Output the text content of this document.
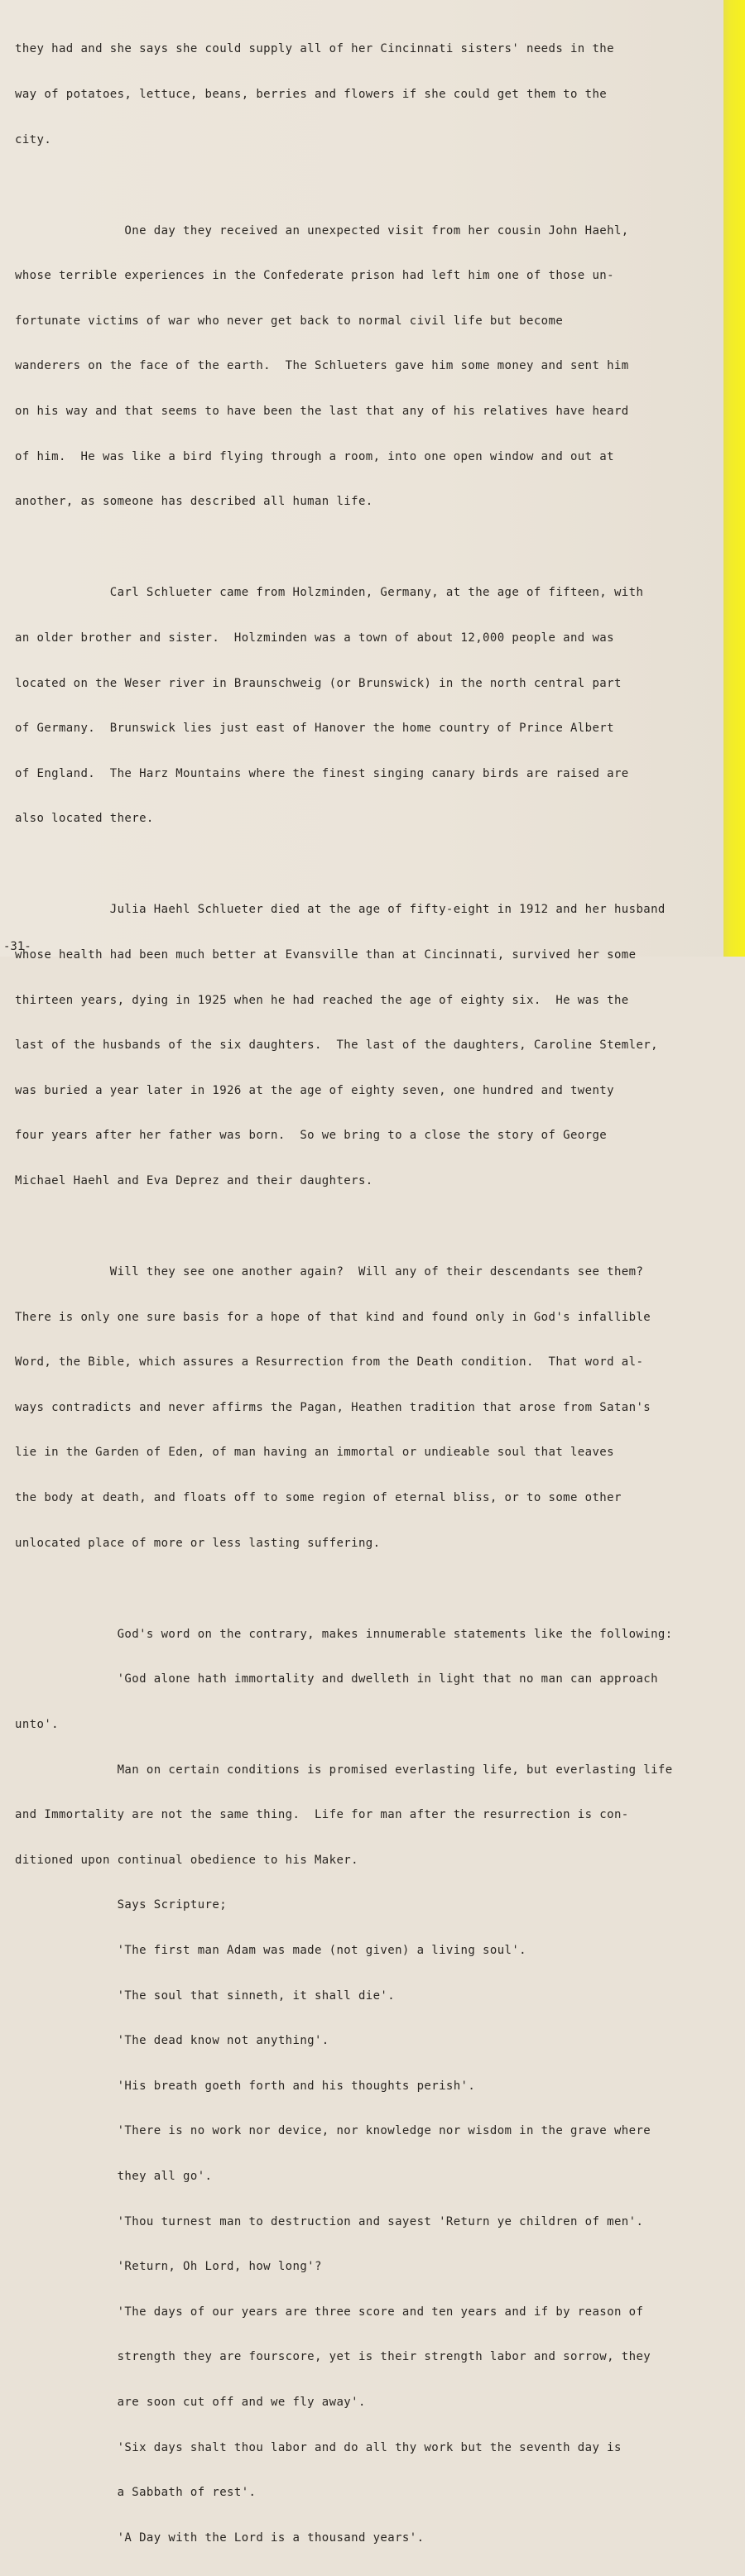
they had and she says she could supply all of her Cincinnati sisters' needs in the

way of potatoes, lettuce, beans, berries and flowers if she could get them to the

city.

One day they received an unexpected visit from her cousin John Haehl,

whose terrible experiences in the Confederate prison had left him one of those un-

fortunate victims of war who never get back to normal civil life but become

wanderers on the face of the earth.  The Schlueters gave him some money and sent him

on his way and that seems to have been the last that any of his relatives have heard

of him.  He was like a bird flying through a room, into one open window and out at

another, as someone has described all human life.

Carl Schlueter came from Holzminden, Germany, at the age of fifteen, with

an older brother and sister.  Holzminden was a town of about 12,000 people and was

located on the Weser river in Braunschweig (or Brunswick) in the north central part

of Germany.  Brunswick lies just east of Hanover the home country of Prince Albert

of England.  The Harz Mountains where the finest singing canary birds are raised are

also located there.

Julia Haehl Schlueter died at the age of fifty-eight in 1912 and her husband

whose health had been much better at Evansville than at Cincinnati, survived her some

thirteen years, dying in 1925 when he had reached the age of eighty six.  He was the

last of the husbands of the six daughters.  The last of the daughters, Caroline Stemler,

was buried a year later in 1926 at the age of eighty seven, one hundred and twenty

four years after her father was born.  So we bring to a close the story of George

Michael Haehl and Eva Deprez and their daughters.

Will they see one another again?  Will any of their descendants see them?

There is only one sure basis for a hope of that kind and found only in God's infallible

Word, the Bible, which assures a Resurrection from the Death condition.  That word al-

ways contradicts and never affirms the Pagan, Heathen tradition that arose from Satan's

lie in the Garden of Eden, of man having an immortal or undieable soul that leaves

the body at death, and floats off to some region of eternal bliss, or to some other

unlocated place of more or less lasting suffering.

God's word on the contrary, makes innumerable statements like the following:

'God alone hath immortality and dwelleth in light that no man can approach

unto'.

Man on certain conditions is promised everlasting life, but everlasting life

and Immortality are not the same thing.  Life for man after the resurrection is con-

ditioned upon continual obedience to his Maker.

Says Scripture;

'The first man Adam was made (not given) a living soul'.

'The soul that sinneth, it shall die'.

'The dead know not anything'.

'His breath goeth forth and his thoughts perish'.

'There is no work nor device, nor knowledge nor wisdom in the grave where

they all go'.

'Thou turnest man to destruction and sayest 'Return ye children of men'.

'Return, Oh Lord, how long'?

'The days of our years are three score and ten years and if by reason of

strength they are fourscore, yet is their strength labor and sorrow, they

are soon cut off and we fly away'.

'Six days shalt thou labor and do all thy work but the seventh day is

a Sabbath of rest'.

'A Day with the Lord is a thousand years'.

-31-
